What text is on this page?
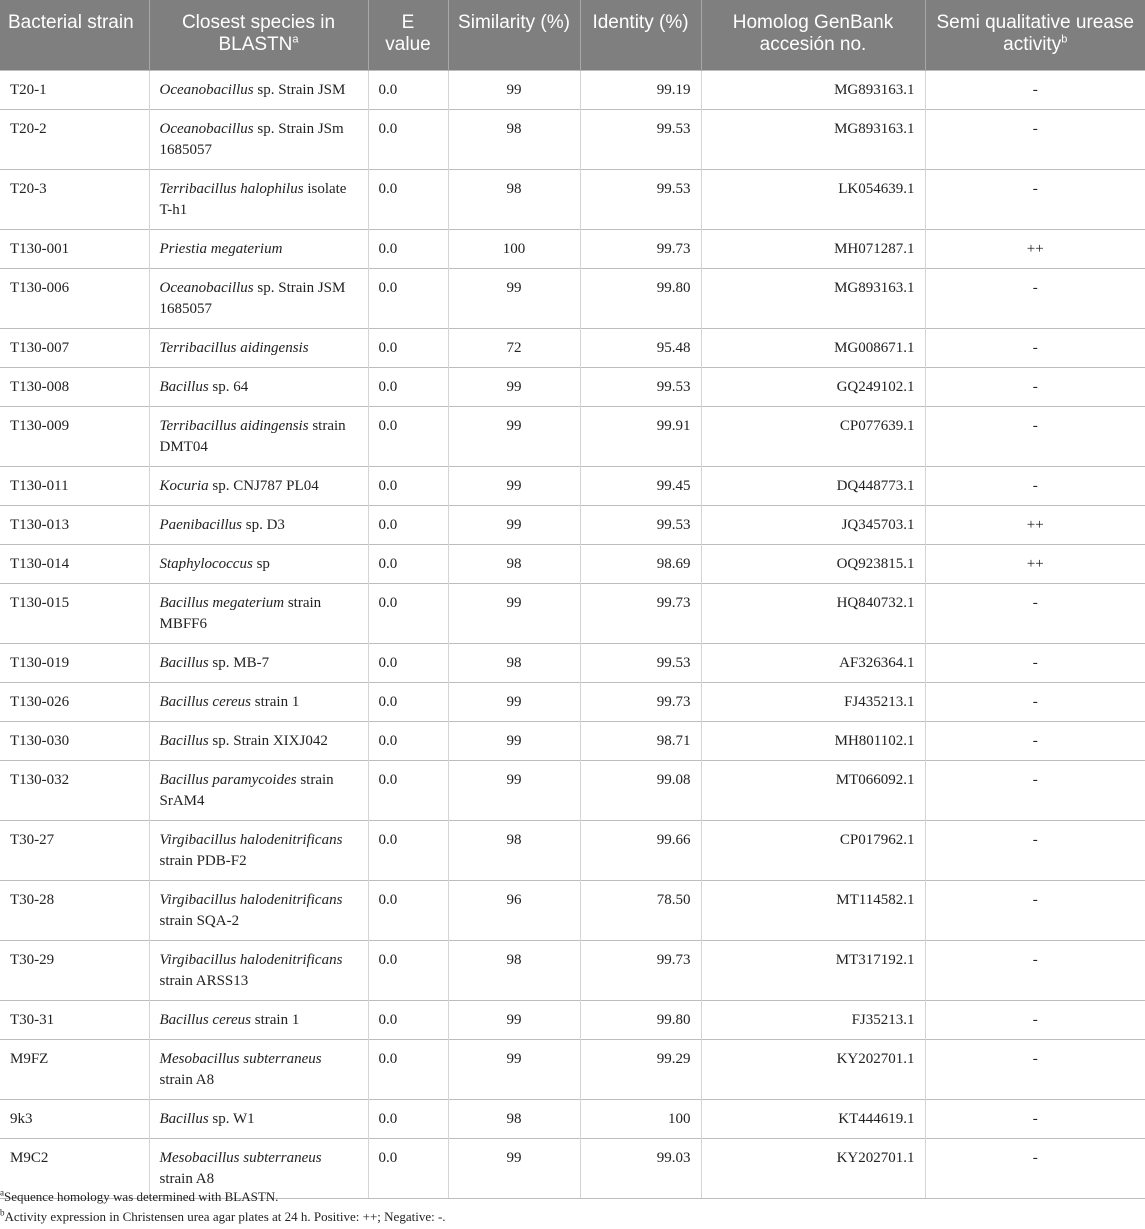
Bacterial strain	Closest species in BLASTN$^a$	E value	Similarity (%)	Identity (%)	Homolog GenBank accesión no.	Semi qualitative urease activity$^b$
T20-1	Oceanobacillus sp. Strain JSM	0.0	99	99.19	MG893163.1	-
T20-2	Oceanobacillus sp. Strain JSm 1685057	0.0	98	99.53	MG893163.1	-
T20-3	Terribacillus halophilus isolate T-h1	0.0	98	99.53	LK054639.1	-
T130-001	Priestia megaterium	0.0	100	99.73	MH071287.1	++
T130-006	Oceanobacillus sp. Strain JSM 1685057	0.0	99	99.80	MG893163.1	-
T130-007	Terribacillus aidingensis	0.0	72	95.48	MG008671.1	-
T130-008	Bacillus sp. 64	0.0	99	99.53	GQ249102.1	-
T130-009	Terribacillus aidingensis strain DMT04	0.0	99	99.91	CP077639.1	-
T130-011	Kocuria sp. CNJ787 PL04	0.0	99	99.45	DQ448773.1	-
T130-013	Paenibacillus sp. D3	0.0	99	99.53	JQ345703.1	++
T130-014	Staphylococcus sp	0.0	98	98.69	OQ923815.1	++
T130-015	Bacillus megaterium strain MBFF6	0.0	99	99.73	HQ840732.1	-
T130-019	Bacillus sp. MB-7	0.0	98	99.53	AF326364.1	-
T130-026	Bacillus cereus strain 1	0.0	99	99.73	FJ435213.1	-
T130-030	Bacillus sp. Strain XIXJ042	0.0	99	98.71	MH801102.1	-
T130-032	Bacillus paramycoides strain SrAM4	0.0	99	99.08	MT066092.1	-
T30-27	Virgibacillus halodenitrificans strain PDB-F2	0.0	98	99.66	CP017962.1	-
T30-28	Virgibacillus halodenitrificans strain SQA-2	0.0	96	78.50	MT114582.1	-
T30-29	Virgibacillus halodenitrificans strain ARSS13	0.0	98	99.73	MT317192.1	-
T30-31	Bacillus cereus strain 1	0.0	99	99.80	FJ35213.1	-
M9FZ	Mesobacillus subterraneus strain A8	0.0	99	99.29	KY202701.1	-
9k3	Bacillus sp. W1	0.0	98	100	KT444619.1	-
M9C2	Mesobacillus subterraneus strain A8	0.0	99	99.03	KY202701.1	-
$^a$Sequence homology was determined with BLASTN.
$^b$Activity expression in Christensen urea agar plates at 24 h. Positive: ++; Negative: -.
